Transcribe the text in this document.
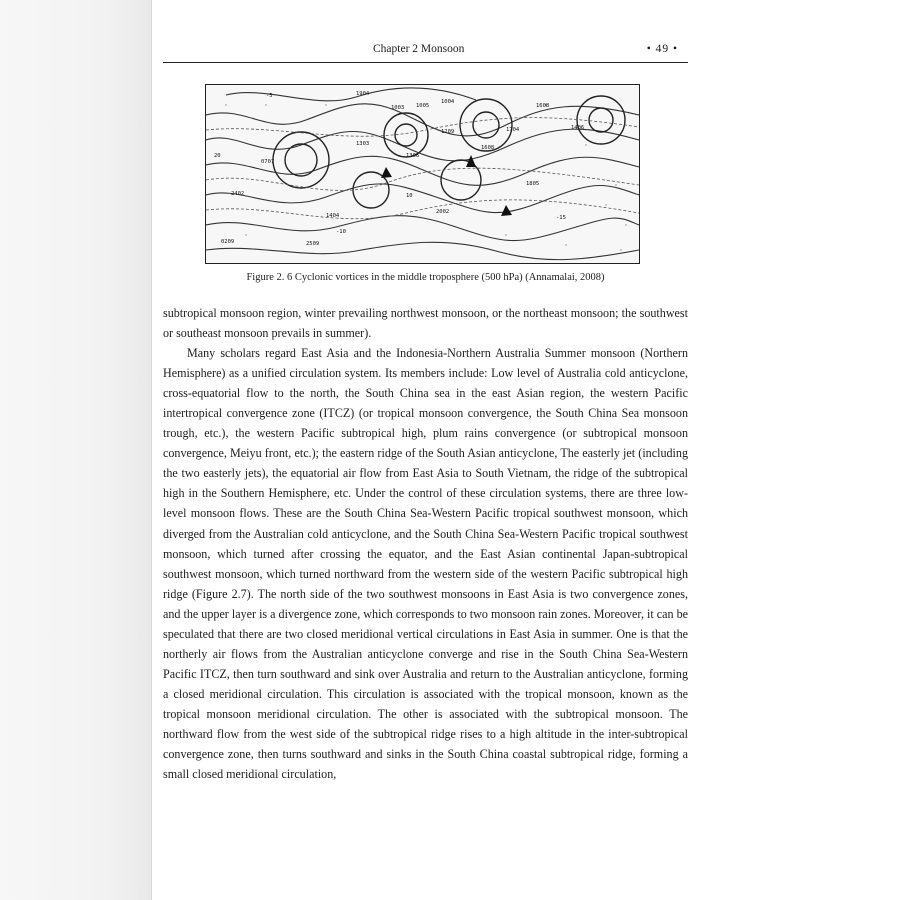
Chapter 2 Monsoon	• 49 •
1904
1003 1005
1004
1704
1608
1406
0707
1303
1306
1209
1608
2402
1404
2002
1805
-5
-10
-15
20
10
2509
0209
Figure 2. 6 Cyclonic vortices in the middle troposphere (500 hPa) (Annamalai, 2008)

subtropical monsoon region, winter prevailing northwest monsoon, or the northeast monsoon; the southwest or southeast monsoon prevails in summer).

Many scholars regard East Asia and the Indonesia-Northern Australia Summer monsoon (Northern Hemisphere) as a unified circulation system. Its members include: Low level of Australia cold anticyclone, cross-equatorial flow to the north, the South China sea in the east Asian region, the western Pacific intertropical convergence zone (ITCZ) (or tropical monsoon convergence, the South China Sea monsoon trough, etc.), the western Pacific subtropical high, plum rains convergence (or subtropical monsoon convergence, Meiyu front, etc.); the eastern ridge of the South Asian anticyclone, The easterly jet (including the two easterly jets), the equatorial air flow from East Asia to South Vietnam, the ridge of the subtropical high in the Southern Hemisphere, etc. Under the control of these circulation systems, there are three low-level monsoon flows. These are the South China Sea-Western Pacific tropical southwest monsoon, which diverged from the Australian cold anticyclone, and the South China Sea-Western Pacific tropical southwest monsoon, which turned after crossing the equator, and the East Asian continental Japan-subtropical southwest monsoon, which turned northward from the western side of the western Pacific subtropical high ridge (Figure 2.7). The north side of the two southwest monsoons in East Asia is two convergence zones, and the upper layer is a divergence zone, which corresponds to two monsoon rain zones. Moreover, it can be speculated that there are two closed meridional vertical circulations in East Asia in summer. One is that the northerly air flows from the Australian anticyclone converge and rise in the South China Sea-Western Pacific ITCZ, then turn southward and sink over Australia and return to the Australian anticyclone, forming a closed meridional circulation. This circulation is associated with the tropical monsoon, known as the tropical monsoon meridional circulation. The other is associated with the subtropical monsoon. The northward flow from the west side of the subtropical ridge rises to a high altitude in the inter-subtropical convergence zone, then turns southward and sinks in the South China coastal subtropical ridge, forming a small closed meridional circulation,
